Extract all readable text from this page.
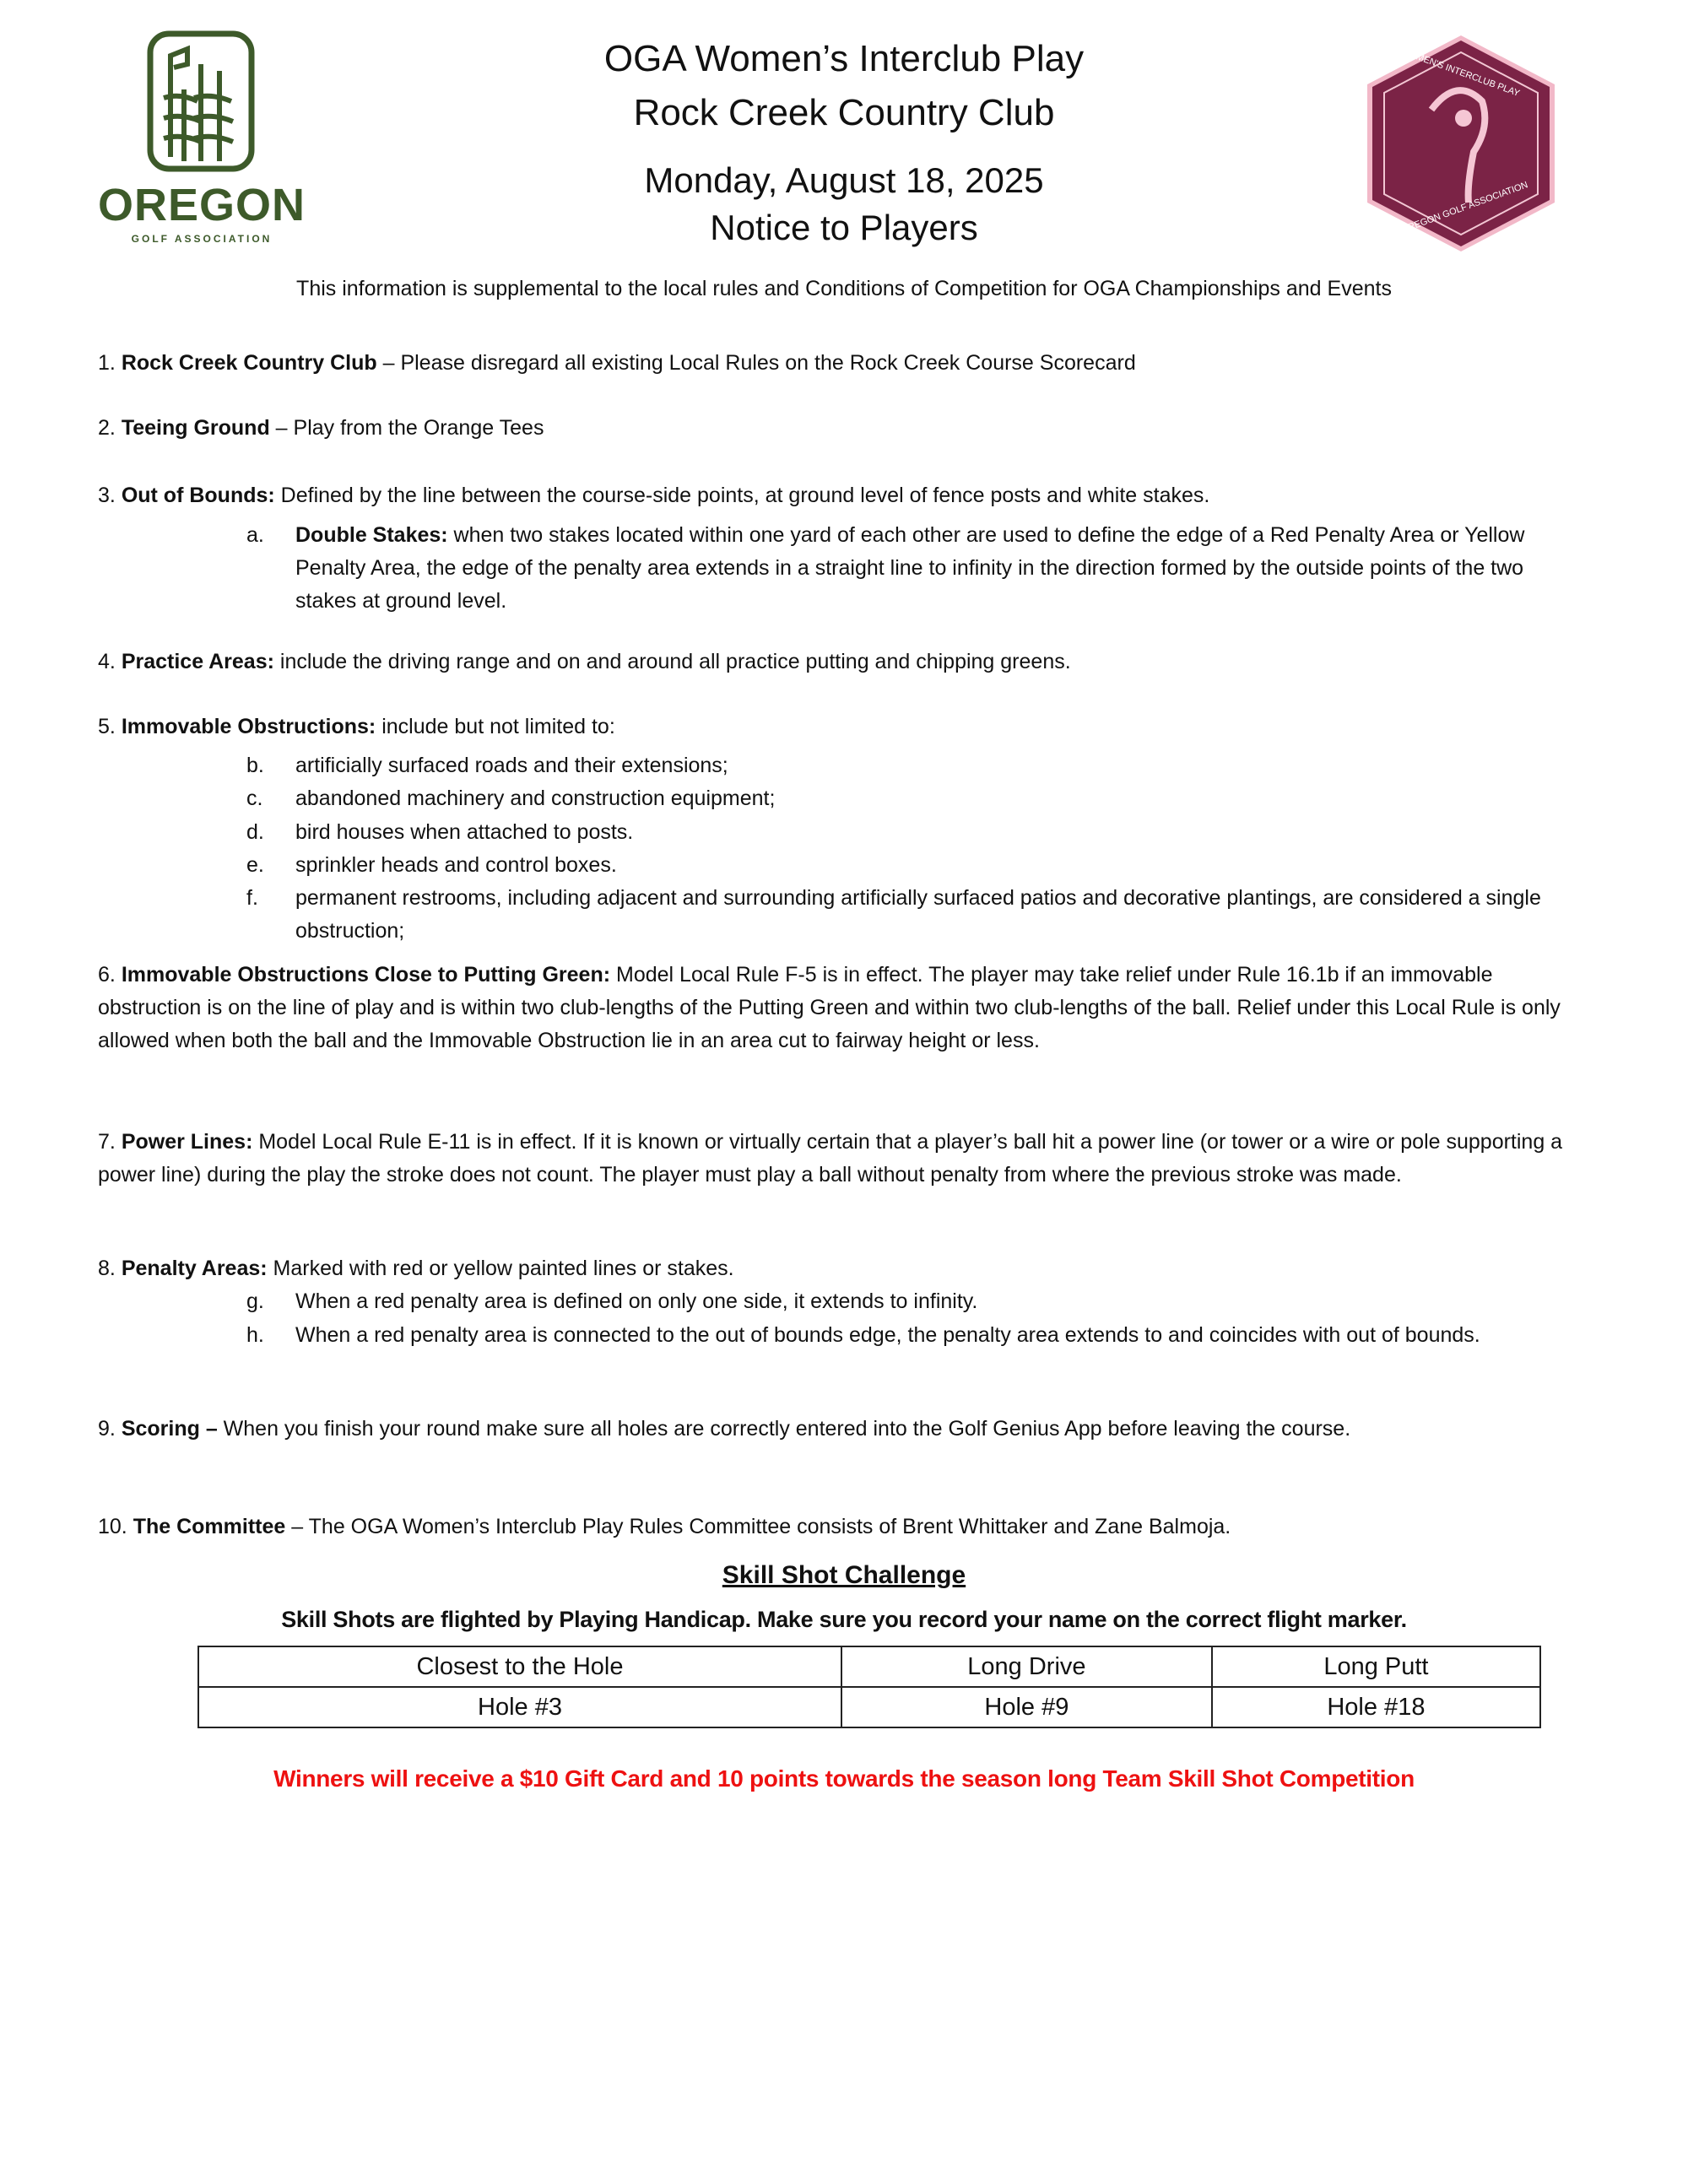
OREGON
GOLF ASSOCIATION
WOMEN'S INTERCLUB PLAY
OREGON GOLF ASSOCIATION
OGA Women’s Interclub Play
Rock Creek Country Club
Monday, August 18, 2025
Notice to Players
This information is supplemental to the local rules and Conditions of Competition for OGA Championships and Events
1. Rock Creek Country Club – Please disregard all existing Local Rules on the Rock Creek Course Scorecard
2. Teeing Ground – Play from the Orange Tees
3. Out of Bounds: Defined by the line between the course-side points, at ground level of fence posts and white stakes.
a. Double Stakes: when two stakes located within one yard of each other are used to define the edge of a Red Penalty Area or Yellow Penalty Area, the edge of the penalty area extends in a straight line to infinity in the direction formed by the outside points of the two stakes at ground level.
4. Practice Areas: include the driving range and on and around all practice putting and chipping greens.
5. Immovable Obstructions: include but not limited to:
b. artificially surfaced roads and their extensions;
c. abandoned machinery and construction equipment;
d. bird houses when attached to posts.
e. sprinkler heads and control boxes.
f. permanent restrooms, including adjacent and surrounding artificially surfaced patios and decorative plantings, are considered a single obstruction;
6. Immovable Obstructions Close to Putting Green: Model Local Rule F-5 is in effect. The player may take relief under Rule 16.1b if an immovable obstruction is on the line of play and is within two club-lengths of the Putting Green and within two club-lengths of the ball. Relief under this Local Rule is only allowed when both the ball and the Immovable Obstruction lie in an area cut to fairway height or less.
7. Power Lines: Model Local Rule E-11 is in effect. If it is known or virtually certain that a player’s ball hit a power line (or tower or a wire or pole supporting a power line) during the play the stroke does not count. The player must play a ball without penalty from where the previous stroke was made.
8. Penalty Areas: Marked with red or yellow painted lines or stakes.
g. When a red penalty area is defined on only one side, it extends to infinity.
h. When a red penalty area is connected to the out of bounds edge, the penalty area extends to and coincides with out of bounds.
9. Scoring – When you finish your round make sure all holes are correctly entered into the Golf Genius App before leaving the course.
10. The Committee – The OGA Women’s Interclub Play Rules Committee consists of Brent Whittaker and Zane Balmoja.
Skill Shot Challenge
Skill Shots are flighted by Playing Handicap. Make sure you record your name on the correct flight marker.
Closest to the Hole	Long Drive	Long Putt
Hole #3	Hole #9	Hole #18
Winners will receive a $10 Gift Card and 10 points towards the season long Team Skill Shot Competition
